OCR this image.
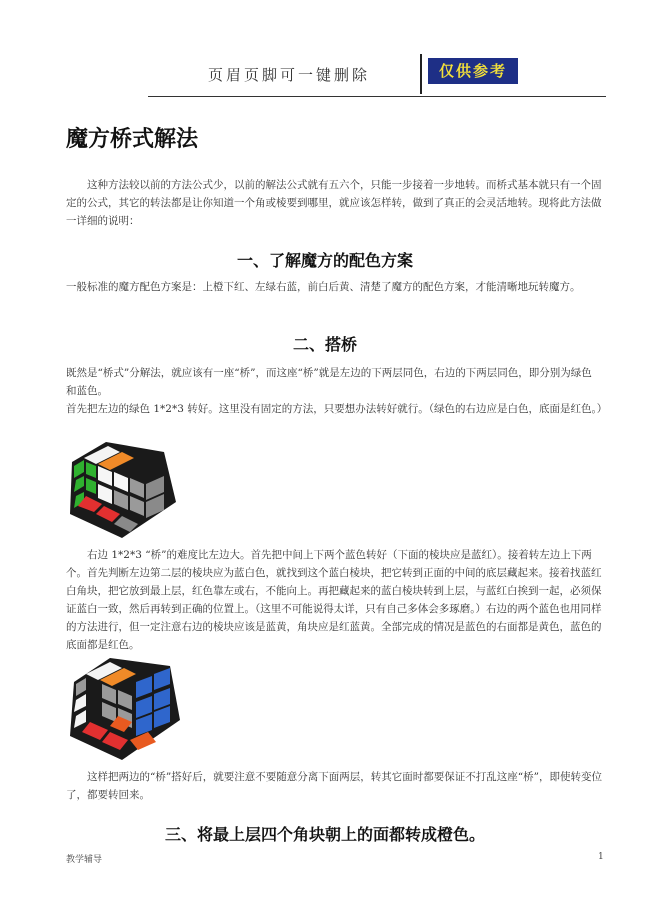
页眉页脚可一键删除	仅供参考
魔方桥式解法

这种方法较以前的方法公式少，以前的解法公式就有五六个，只能一步接着一步地转。而桥式基本就只有一个固定的公式，其它的转法都是让你知道一个角或棱要到哪里，就应该怎样转，做到了真正的会灵活地转。现将此方法做一详细的说明：

一、了解魔方的配色方案

一般标准的魔方配色方案是：上橙下红、左绿右蓝，前白后黄、清楚了魔方的配色方案，才能清晰地玩转魔方。

二、搭桥

既然是“桥式”分解法，就应该有一座“桥”，而这座“桥”就是左边的下两层同色，右边的下两层同色，即分别为绿色和蓝色。

首先把左边的绿色 1*2*3 转好。这里没有固定的方法，只要想办法转好就行。（绿色的右边应是白色，底面是红色。）

右边 1*2*3 “桥”的难度比左边大。首先把中间上下两个蓝色转好（下面的棱块应是蓝红）。接着转左边上下两个。首先判断左边第二层的棱块应为蓝白色，就找到这个蓝白棱块，把它转到正面的中间的底层藏起来。接着找蓝红白角块，把它放到最上层，红色靠左或右，不能向上。再把藏起来的蓝白棱块转到上层，与蓝红白挨到一起，必须保证蓝白一致，然后再转到正确的位置上。（这里不可能说得太详，只有自己多体会多琢磨。）右边的两个蓝色也用同样的方法进行，但一定注意右边的棱块应该是蓝黄，角块应是红蓝黄。全部完成的情况是蓝色的右面都是黄色，蓝色的底面都是红色。

这样把两边的“桥”搭好后，就要注意不要随意分离下面两层，转其它面时都要保证不打乱这座“桥”，即使转变位了，都要转回来。

三、将最上层四个角块朝上的面都转成橙色。
教学辅导	1
